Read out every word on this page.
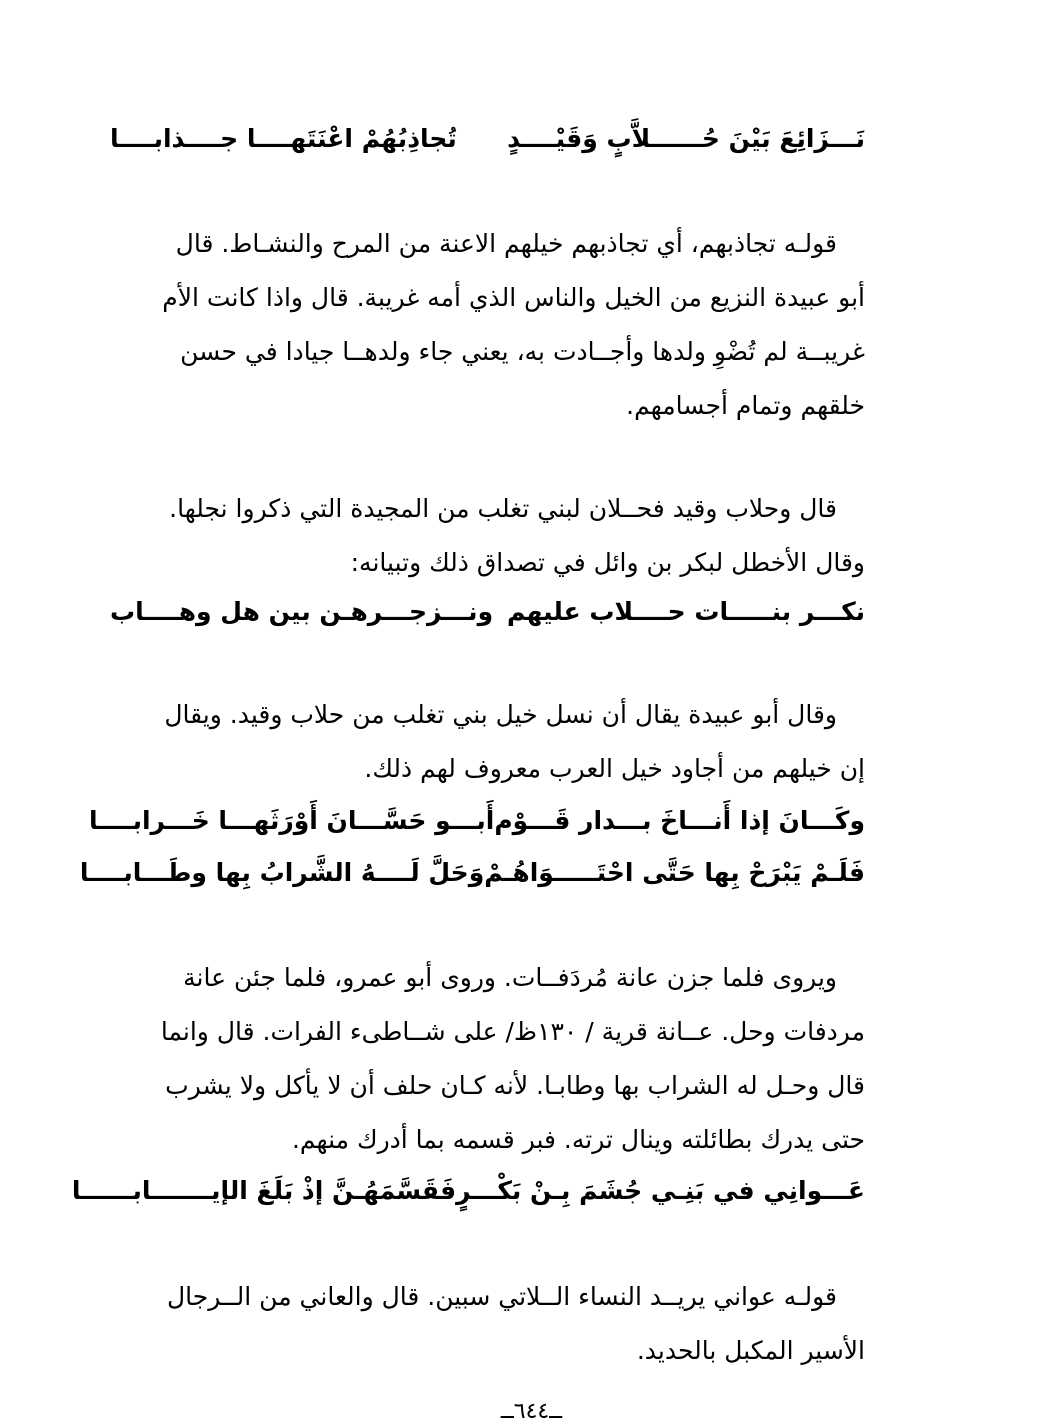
نَـــزَائِعَ بَيْنَ حُــــــلاَّبٍ وَقَيْــــدٍ
تُجاذِبُهُمْ اعْنَتَهــــا جــــذابــــا
قولـه تجاذبهم، أي تجاذبهم خيلهم الاعنة من المرح والنشـاط. قال
أبو عبيدة النزيع من الخيل والناس الذي أمه غريبة. قال واذا كانت الأم
غريبــة لم تُضْوِ ولدها وأجــادت به، يعني جاء ولدهــا جيادا في حسن
خلقهم وتمام أجسامهم.
قال وحلاب وقيد فحــلان لبني تغلب من المجيدة التي ذكروا نجلها.
وقال الأخطل لبكر بن وائل في تصداق ذلك وتبيانه:
نكـــر بنـــــات حــــلاب عليهم
ونـــزجـــرهـن بين هل وهــــاب
وقال أبو عبيدة يقال أن نسل خيل بني تغلب من حلاب وقيد. ويقال
إن خيلهم من أجاود خيل العرب معروف لهم ذلك.
وكَـــانَ إذا أَنـــاخَ بـــدار قَـــوْم
أَبـــو حَسَّـــانَ أَوْرَثَهـــا خَـــرابــــا
فَلَـمْ يَبْرَحْ بِها حَتَّى احْتَـــــوَاهُـمْ
وَحَلَّ لَــــهُ الشَّرابُ بِها وطَـــابــــا
ويروى فلما جزن عانة مُردَفــات. وروى أبو عمرو، فلما جئن عانة
مردفات وحل. عــانة قرية / ١٣٠ظ/ على شــاطىء الفرات. قال وانما
قال وحـل له الشراب بها وطابـا. لأنه كـان حلف أن لا يأكل ولا يشرب
حتى يدرك بطائلته وينال ترته. فبر قسمه بما أدرك منهم.
عَـــوانِي في بَنِـي جُشَمَ بِـنْ بَكْـــرٍ
فَقَسَّمَهُـنَّ إذْ بَلَغَ الإيـــــــابــــــا
قولـه عواني يريــد النساء الــلاتي سبين. قال والعاني من الــرجال
الأسير المكبل بالحديد.
ــ٦٤٤ــ
